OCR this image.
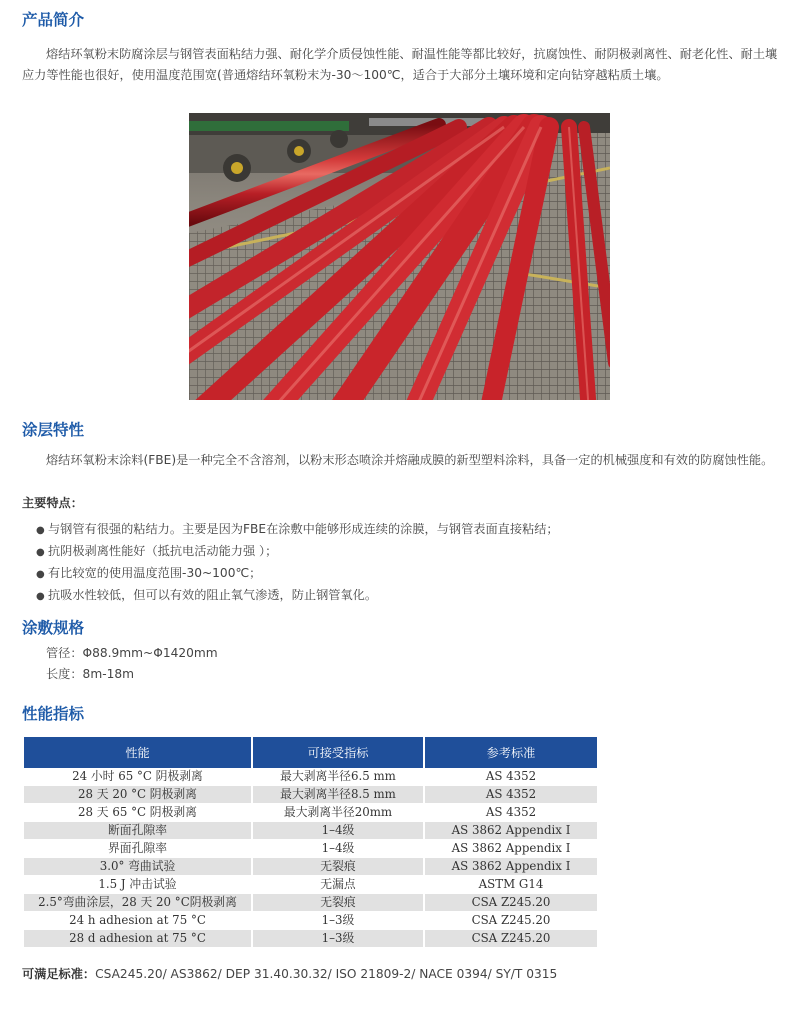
产品简介
熔结环氧粉末防腐涂层与钢管表面粘结力强、耐化学介质侵蚀性能、耐温性能等都比较好，抗腐蚀性、耐阴极剥离性、耐老化性、耐土壤应力等性能也很好，使用温度范围宽(普通熔结环氧粉末为-30～100℃，适合于大部分土壤环境和定向钻穿越粘质土壤。
涂层特性
熔结环氧粉末涂料(FBE)是一种完全不含溶剂，以粉末形态喷涂并熔融成膜的新型塑料涂料，具备一定的机械强度和有效的防腐蚀性能。
主要特点：
● 与钢管有很强的粘结力。主要是因为FBE在涂敷中能够形成连续的涂膜，与钢管表面直接粘结；
● 抗阴极剥离性能好（抵抗电活动能力强 ）；
● 有比较宽的使用温度范围-30~100℃；
● 抗吸水性较低，但可以有效的阻止氧气渗透，防止钢管氧化。
涂敷规格
管径：Φ88.9mm~Φ1420mm
长度：8m-18m
性能指标
性能	可接受指标	参考标准
24 小时 65 °C 阴极剥离	最大剥离半径6.5 mm	AS 4352
28 天 20 °C 阴极剥离	最大剥离半径8.5 mm	AS 4352
28 天 65 °C 阴极剥离	最大剥离半径20mm	AS 4352
断面孔隙率	1–4级	AS 3862 Appendix I
界面孔隙率	1–4级	AS 3862 Appendix I
3.0° 弯曲试验	无裂痕	AS 3862 Appendix I
1.5 J 冲击试验	无漏点	ASTM G14
2.5°弯曲涂层，28 天 20 °C阴极剥离	无裂痕	CSA Z245.20
24 h adhesion at 75 °C	1–3级	CSA Z245.20
28 d adhesion at 75 °C	1–3级	CSA Z245.20
可满足标准：CSA245.20/ AS3862/ DEP 31.40.30.32/ ISO 21809-2/ NACE 0394/ SY/T 0315
